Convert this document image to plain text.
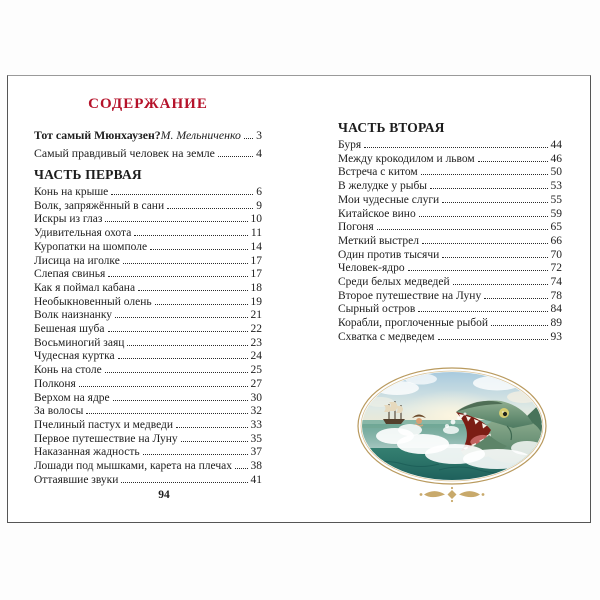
СОДЕРЖАНИЕ
Тот самый Мюнхаузен? М. Мельниченко 3
Самый правдивый человек на земле	4
ЧАСТЬ ПЕРВАЯ
Конь на крыше	6
Волк, запряжённый в сани	9
Искры из глаз	10
Удивительная охота	11
Куропатки на шомполе	14
Лисица на иголке	17
Слепая свинья	17
Как я поймал кабана	18
Необыкновенный олень	19
Волк наизнанку	21
Бешеная шуба	22
Восьминогий заяц	23
Чудесная куртка	24
Конь на столе	25
Полконя	27
Верхом на ядре	30
За волосы	32
Пчелиный пастух и медведи	33
Первое путешествие на Луну	35
Наказанная жадность	37
Лошади под мышками, карета на плечах 38
Оттаявшие звуки	41
ЧАСТЬ ВТОРАЯ
Буря	44
Между крокодилом и львом	46
Встреча с китом	50
В желудке у рыбы	53
Мои чудесные слуги	55
Китайское вино	59
Погоня	65
Меткий выстрел	66
Один против тысячи	70
Человек-ядро	72
Среди белых медведей	74
Второе путешествие на Луну	78
Сырный остров	84
Корабли, проглоченные рыбой	89
Схватка с медведем	93
94
